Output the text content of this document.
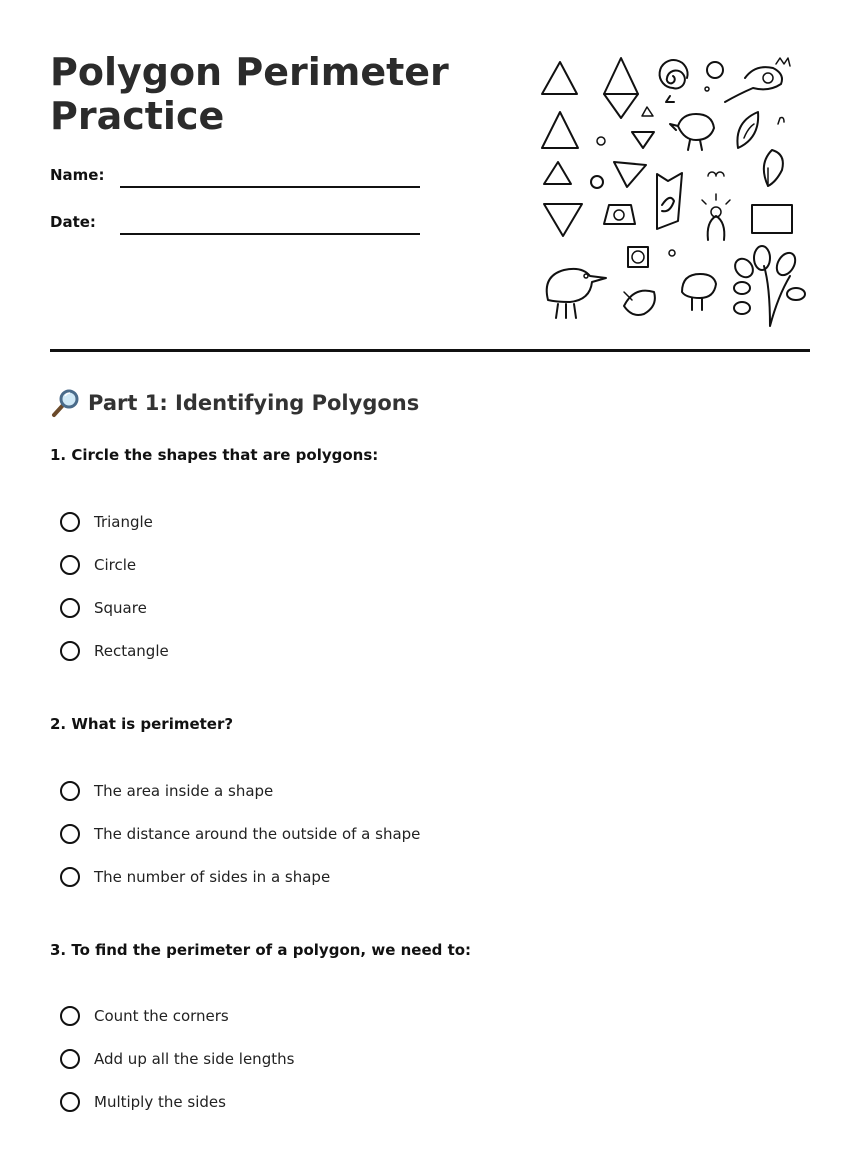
Polygon Perimeter Practice
Name:
Date:
Part 1: Identifying Polygons

1. Circle the shapes that are polygons:

Triangle
Circle
Square
Rectangle

2. What is perimeter?

The area inside a shape
The distance around the outside of a shape
The number of sides in a shape

3. To find the perimeter of a polygon, we need to:

Count the corners
Add up all the side lengths
Multiply the sides
